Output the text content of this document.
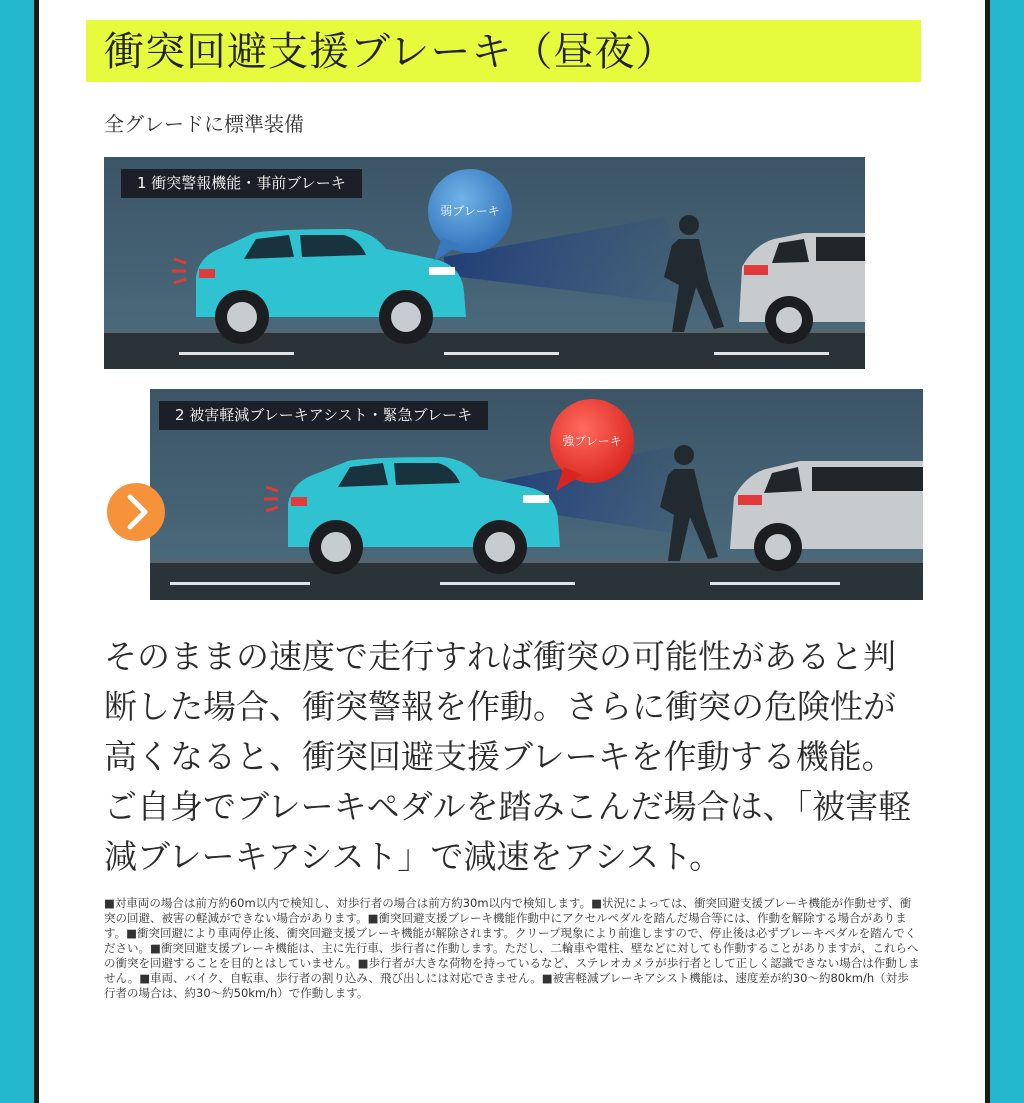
衝突回避支援ブレーキ（昼夜）
全グレードに標準装備
弱ブレーキ
1 衝突警報機能・事前ブレーキ
強ブレーキ
2 被害軽減ブレーキアシスト・緊急ブレーキ

そのままの速度で走行すれば衝突の可能性があると判断した場合、衝突警報を作動。さらに衝突の危険性が高くなると、衝突回避支援ブレーキを作動する機能。ご自身でブレーキペダルを踏みこんだ場合は、「被害軽減ブレーキアシスト」で減速をアシスト。

■対車両の場合は前方約60m以内で検知し、対歩行者の場合は前方約30m以内で検知します。■状況によっては、衝突回避支援ブレーキ機能が作動せず、衝突の回避、被害の軽減ができない場合があります。■衝突回避支援ブレーキ機能作動中にアクセルペダルを踏んだ場合等には、作動を解除する場合があります。■衝突回避により車両停止後、衝突回避支援ブレーキ機能が解除されます。クリープ現象により前進しますので、停止後は必ずブレーキペダルを踏んでください。■衝突回避支援ブレーキ機能は、主に先行車、歩行者に作動します。ただし、二輪車や電柱、壁などに対しても作動することがありますが、これらへの衝突を回避することを目的とはしていません。■歩行者が大きな荷物を持っているなど、ステレオカメラが歩行者として正しく認識できない場合は作動しません。■車両、バイク、自転車、歩行者の割り込み、飛び出しには対応できません。■被害軽減ブレーキアシスト機能は、速度差が約30〜約80km/h（対歩行者の場合は、約30〜約50km/h）で作動します。
